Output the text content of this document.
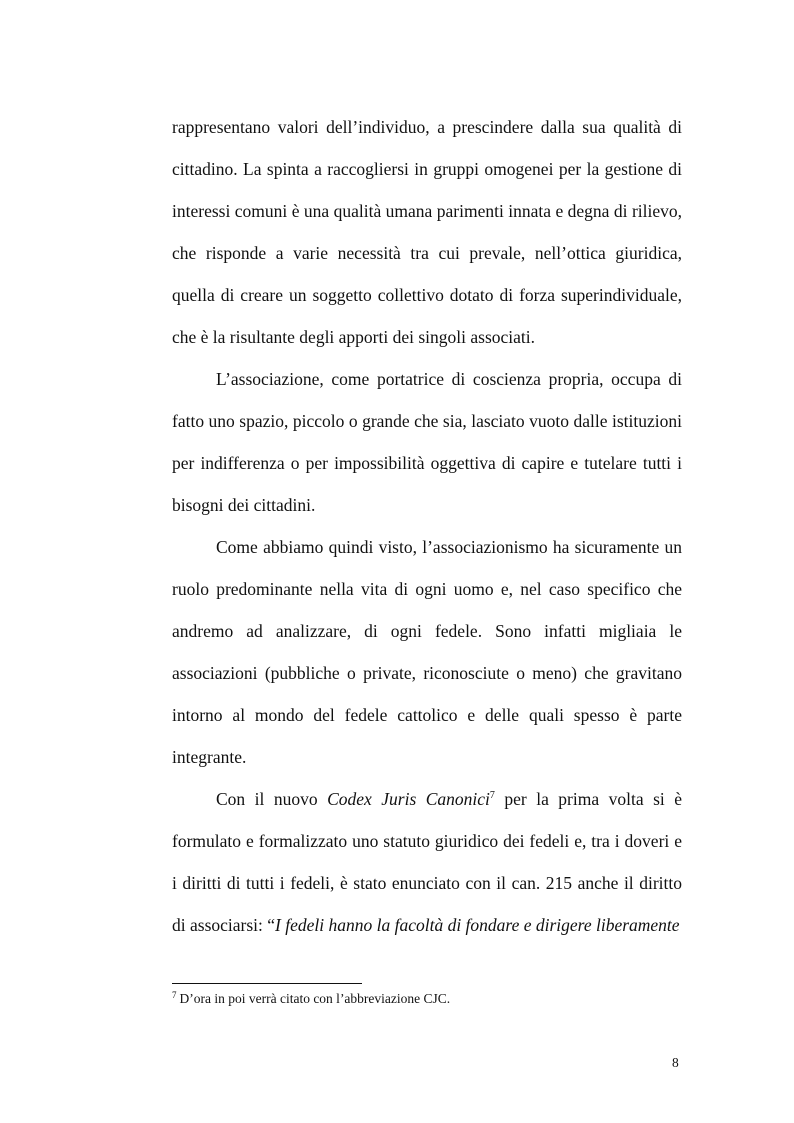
rappresentano valori dell’individuo, a prescindere dalla sua qualità di cittadino. La spinta a raccogliersi in gruppi omogenei per la gestione di interessi comuni è una qualità umana parimenti innata e degna di rilievo, che risponde a varie necessità tra cui prevale, nell’ottica giuridica, quella di creare un soggetto collettivo dotato di forza superindividuale, che è la risultante degli apporti dei singoli associati.

L’associazione, come portatrice di coscienza propria, occupa di fatto uno spazio, piccolo o grande che sia, lasciato vuoto dalle istituzioni per indifferenza o per impossibilità oggettiva di capire e tutelare tutti i bisogni dei cittadini.

Come abbiamo quindi visto, l’associazionismo ha sicuramente un ruolo predominante nella vita di ogni uomo e, nel caso specifico che andremo ad analizzare, di ogni fedele. Sono infatti migliaia le associazioni (pubbliche o private, riconosciute o meno) che gravitano intorno al mondo del fedele cattolico e delle quali spesso è parte integrante.

Con il nuovo Codex Juris Canonici$^7$ per la prima volta si è formulato e formalizzato uno statuto giuridico dei fedeli e, tra i doveri e i diritti di tutti i fedeli, è stato enunciato con il can. 215 anche il diritto di associarsi: “I fedeli hanno la facoltà di fondare e dirigere liberamente

$^7$ D’ora in poi verrà citato con l’abbreviazione CJC.
8
